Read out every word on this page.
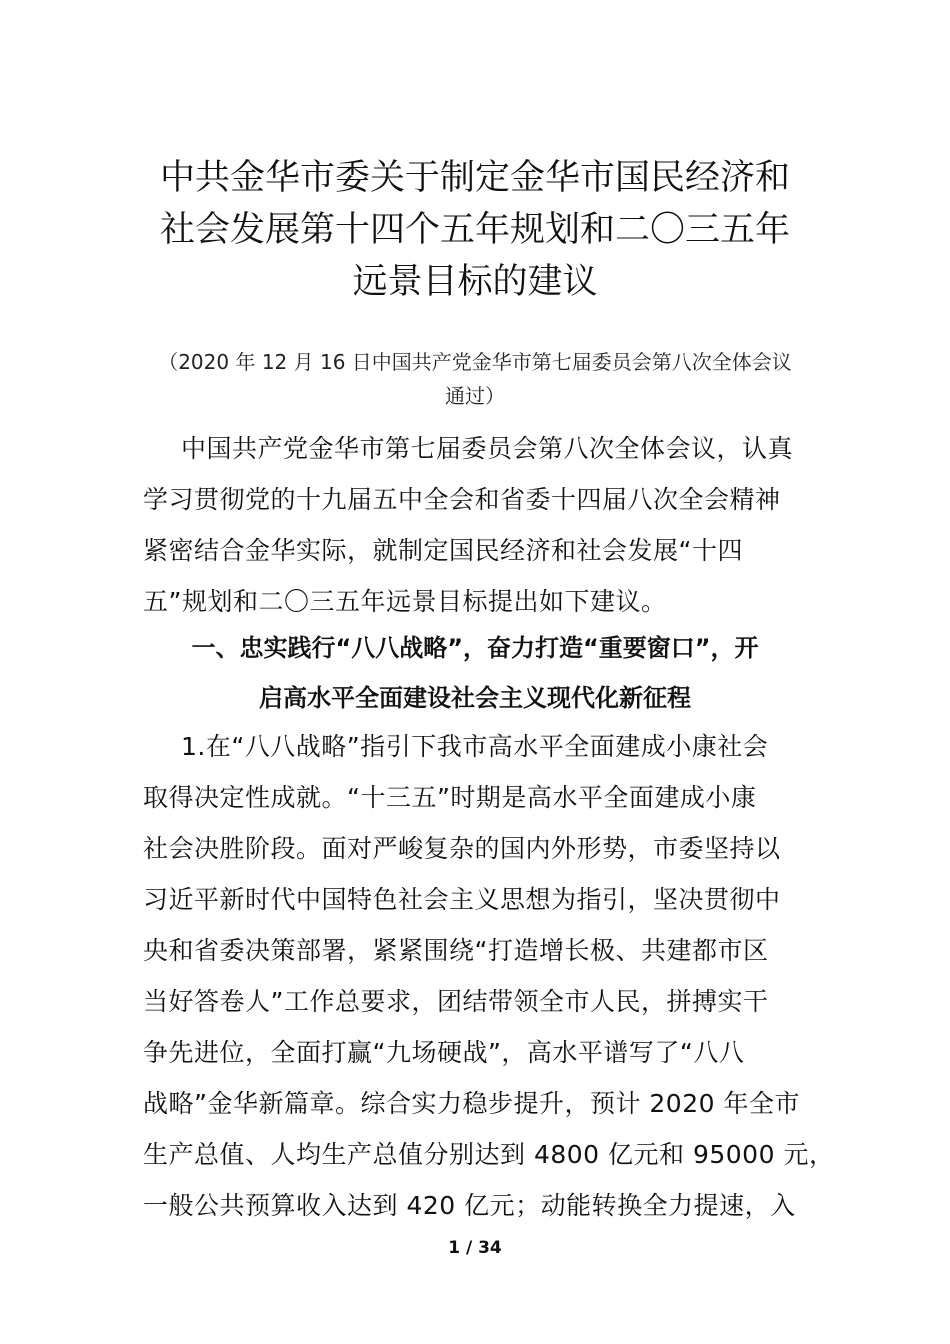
中共金华市委关于制定金华市国民经济和
社会发展第十四个五年规划和二〇三五年
远景目标的建议
（2020 年 12 月 16 日中国共产党金华市第七届委员会第八次全体会议
通过）
中国共产党金华市第七届委员会第八次全体会议，认真
学习贯彻党的十九届五中全会和省委十四届八次全会精神
紧密结合金华实际，就制定国民经济和社会发展“十四
五”规划和二〇三五年远景目标提出如下建议。
一、忠实践行“八八战略”，奋力打造“重要窗口”，开
启高水平全面建设社会主义现代化新征程
1.在“八八战略”指引下我市高水平全面建成小康社会
取得决定性成就。“十三五”时期是高水平全面建成小康
社会决胜阶段。面对严峻复杂的国内外形势，市委坚持以
习近平新时代中国特色社会主义思想为指引，坚决贯彻中
央和省委决策部署，紧紧围绕“打造增长极、共建都市区
当好答卷人”工作总要求，团结带领全市人民，拼搏实干
争先进位，全面打赢“九场硬战”，高水平谱写了“八八
战略”金华新篇章。综合实力稳步提升，预计 2020 年全市
生产总值、人均生产总值分别达到 4800 亿元和 95000 元，
一般公共预算收入达到 420 亿元；动能转换全力提速，入
1 / 34
